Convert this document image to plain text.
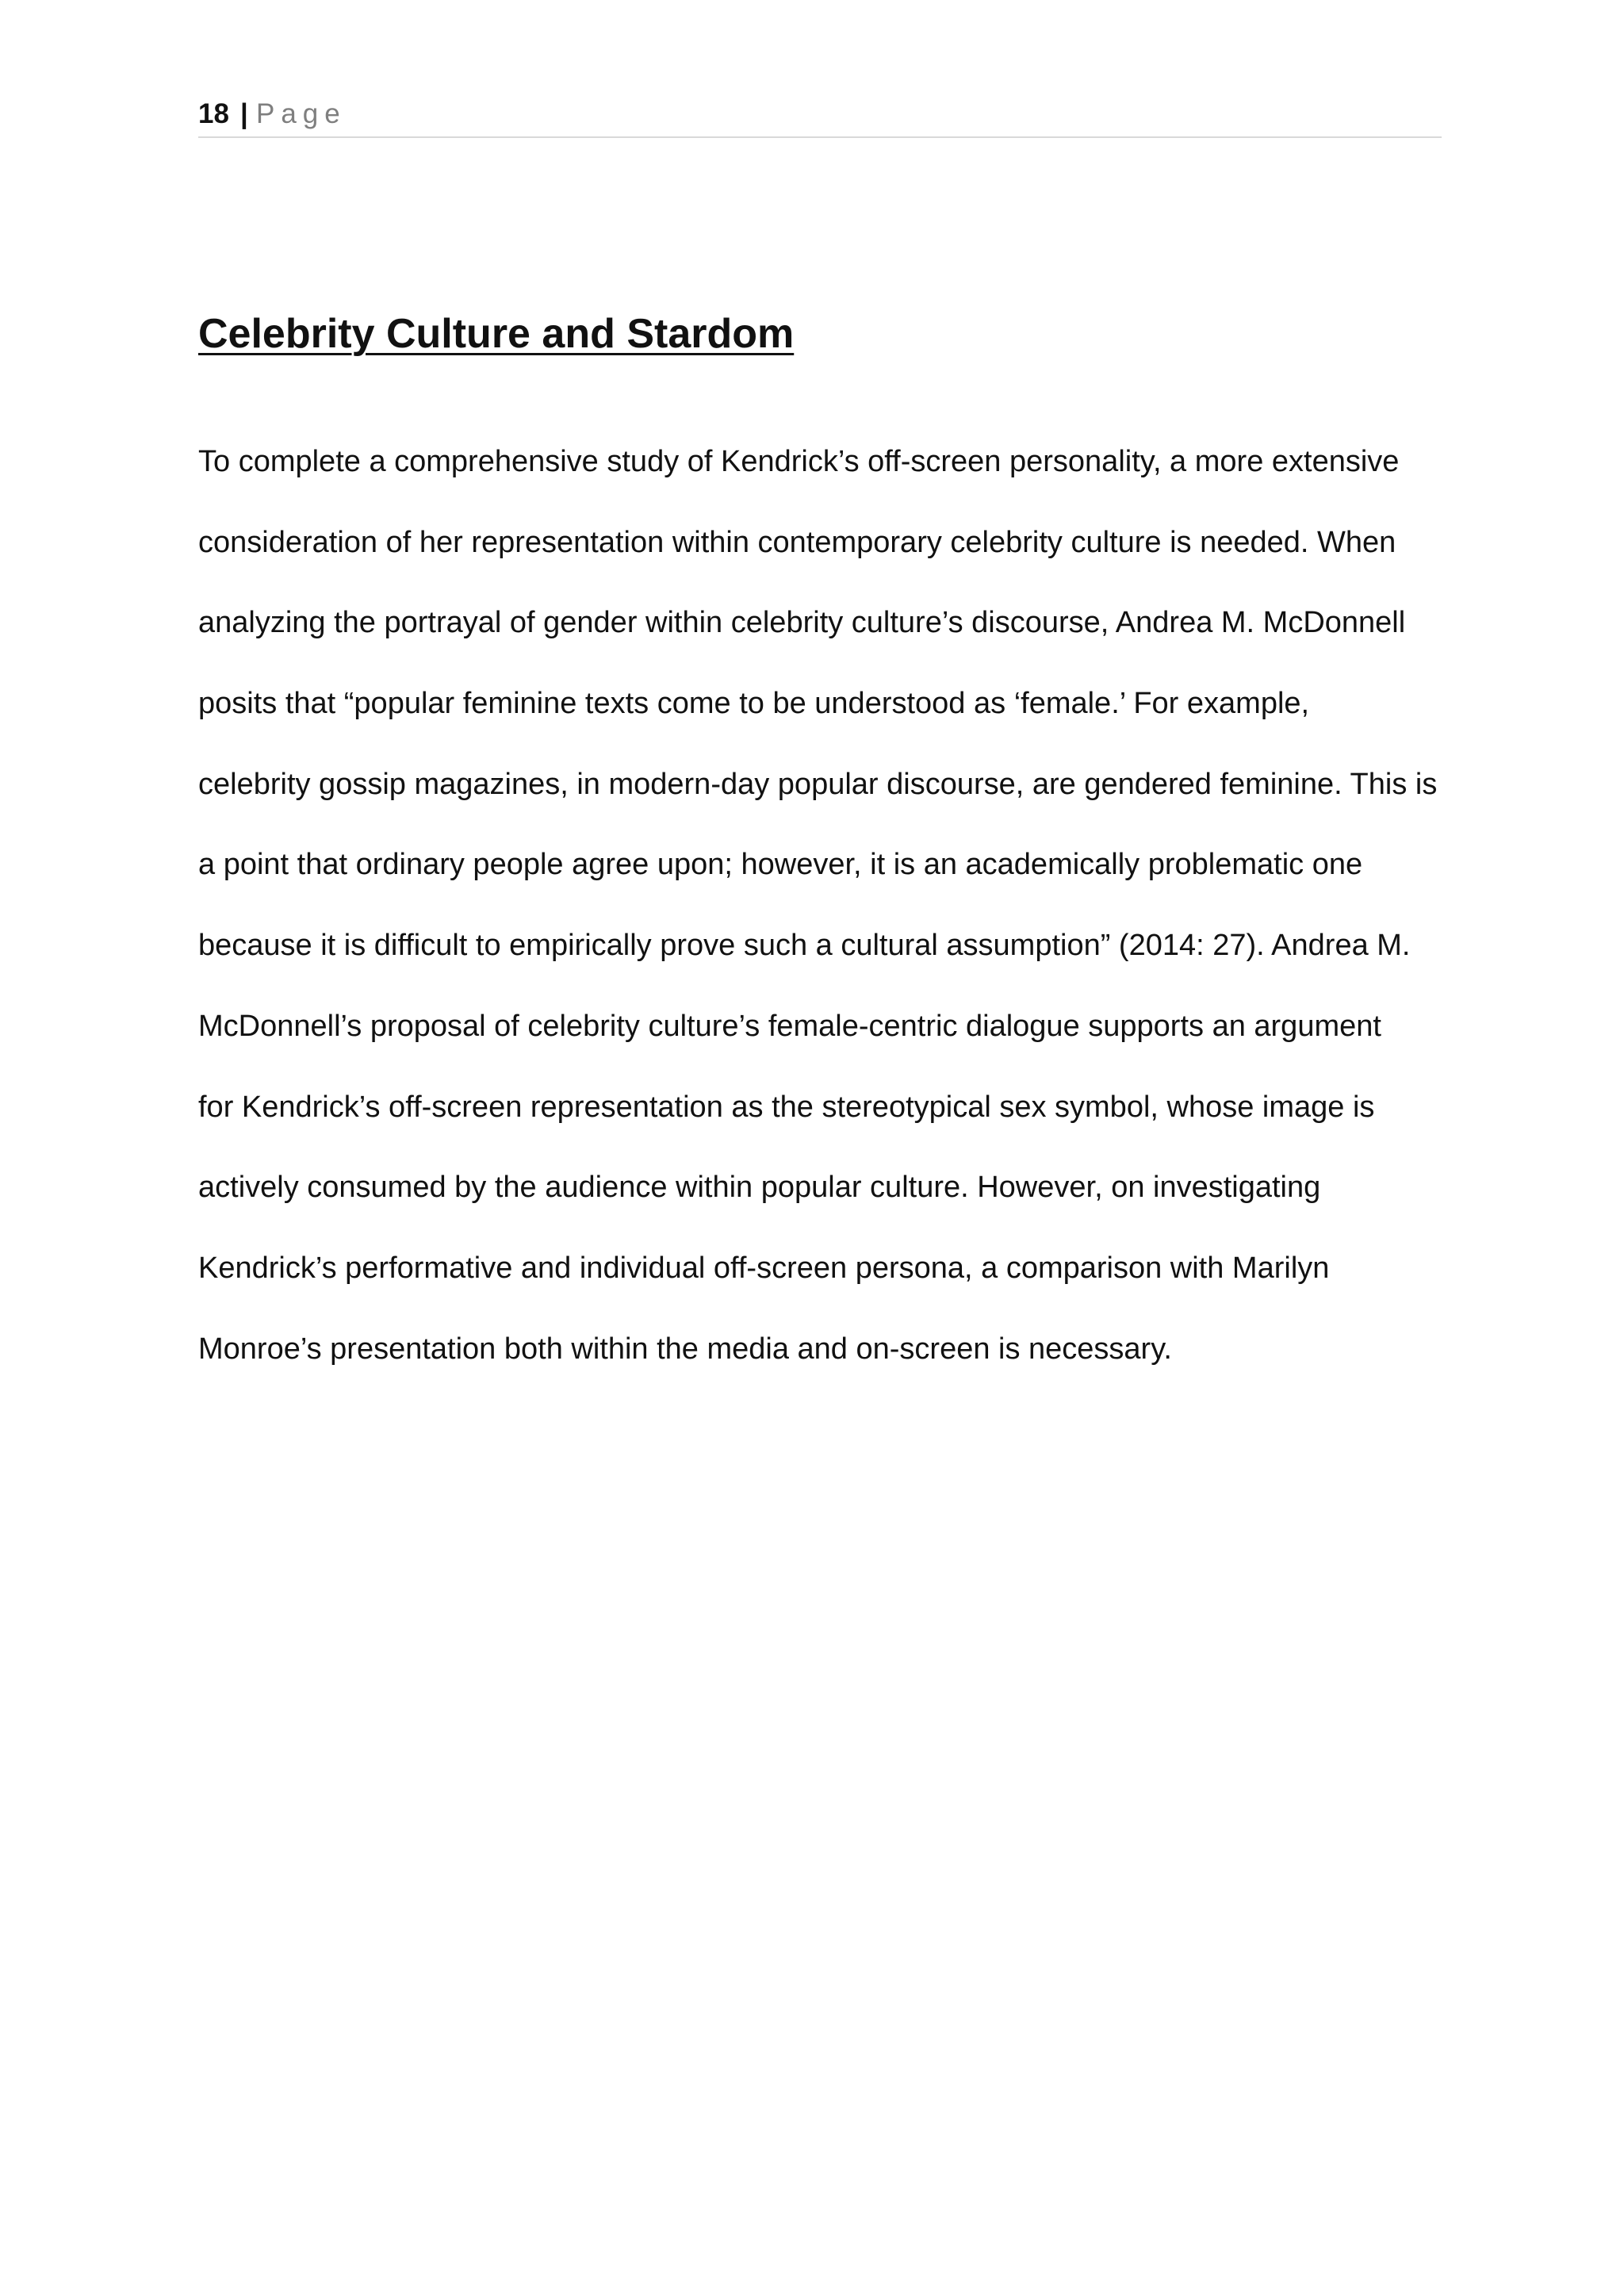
18 | Page
Celebrity Culture and Stardom
To complete a comprehensive study of Kendrick’s off-screen personality, a more extensive
consideration of her representation within contemporary celebrity culture is needed. When
analyzing the portrayal of gender within celebrity culture’s discourse, Andrea M. McDonnell
posits that “popular feminine texts come to be understood as ‘female.’ For example,
celebrity gossip magazines, in modern-day popular discourse, are gendered feminine. This is
a point that ordinary people agree upon; however, it is an academically problematic one
because it is difficult to empirically prove such a cultural assumption” (2014: 27). Andrea M.
McDonnell’s proposal of celebrity culture’s female-centric dialogue supports an argument
for Kendrick’s off-screen representation as the stereotypical sex symbol, whose image is
actively consumed by the audience within popular culture. However, on investigating
Kendrick’s performative and individual off-screen persona, a comparison with Marilyn
Monroe’s presentation both within the media and on-screen is necessary.
